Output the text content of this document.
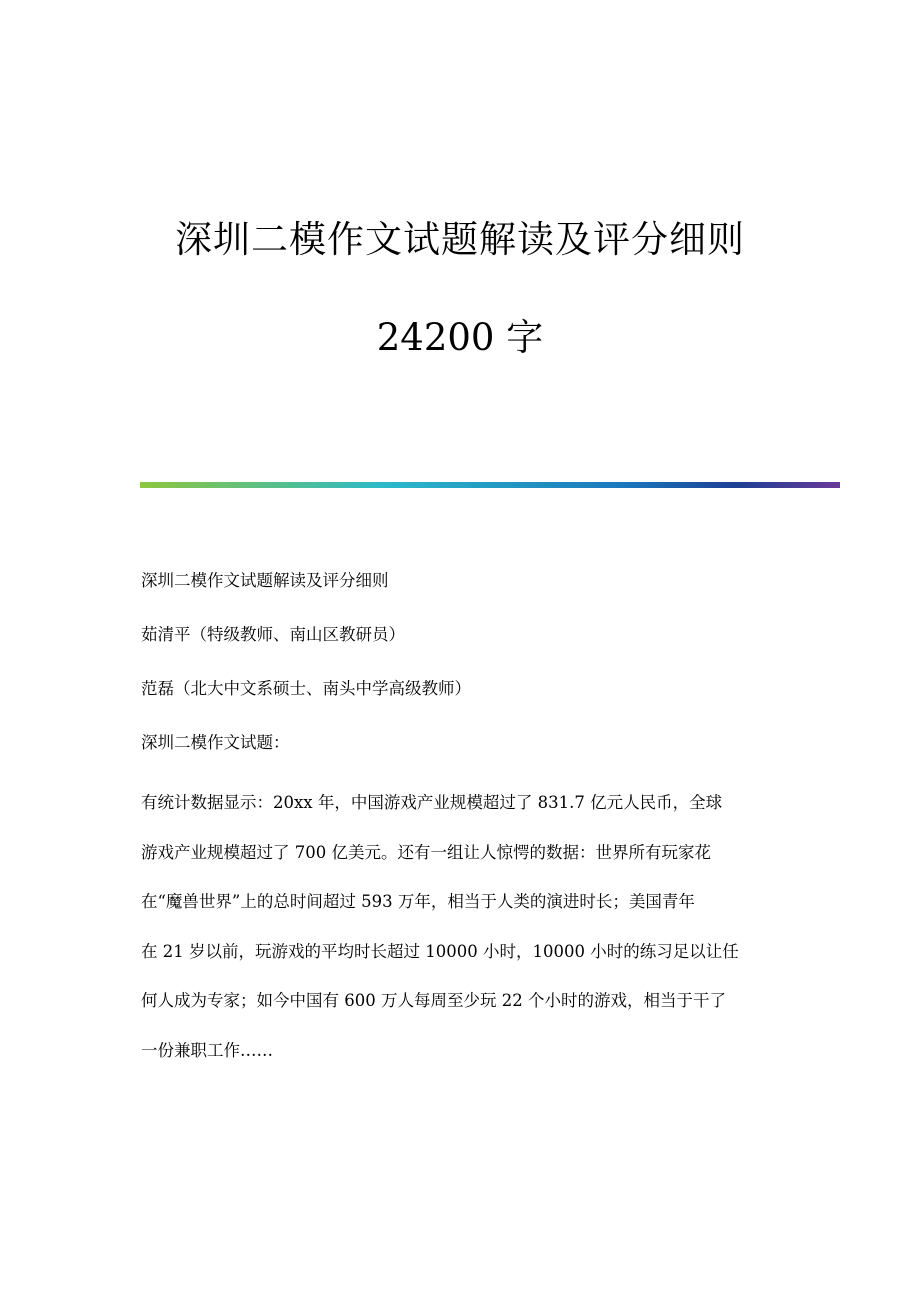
深圳二模作文试题解读及评分细则
24200 字

深圳二模作文试题解读及评分细则

茹清平（特级教师、南山区教研员）

范磊（北大中文系硕士、南头中学高级教师）

深圳二模作文试题：

有统计数据显示：20xx 年，中国游戏产业规模超过了 831.7 亿元人民币，全球
游戏产业规模超过了 700 亿美元。还有一组让人惊愕的数据：世界所有玩家花
在“魔兽世界”上的总时间超过 593 万年，相当于人类的演进时长；美国青年
在 21 岁以前，玩游戏的平均时长超过 10000 小时，10000 小时的练习足以让任
何人成为专家；如今中国有 600 万人每周至少玩 22 个小时的游戏，相当于干了
一份兼职工作……
